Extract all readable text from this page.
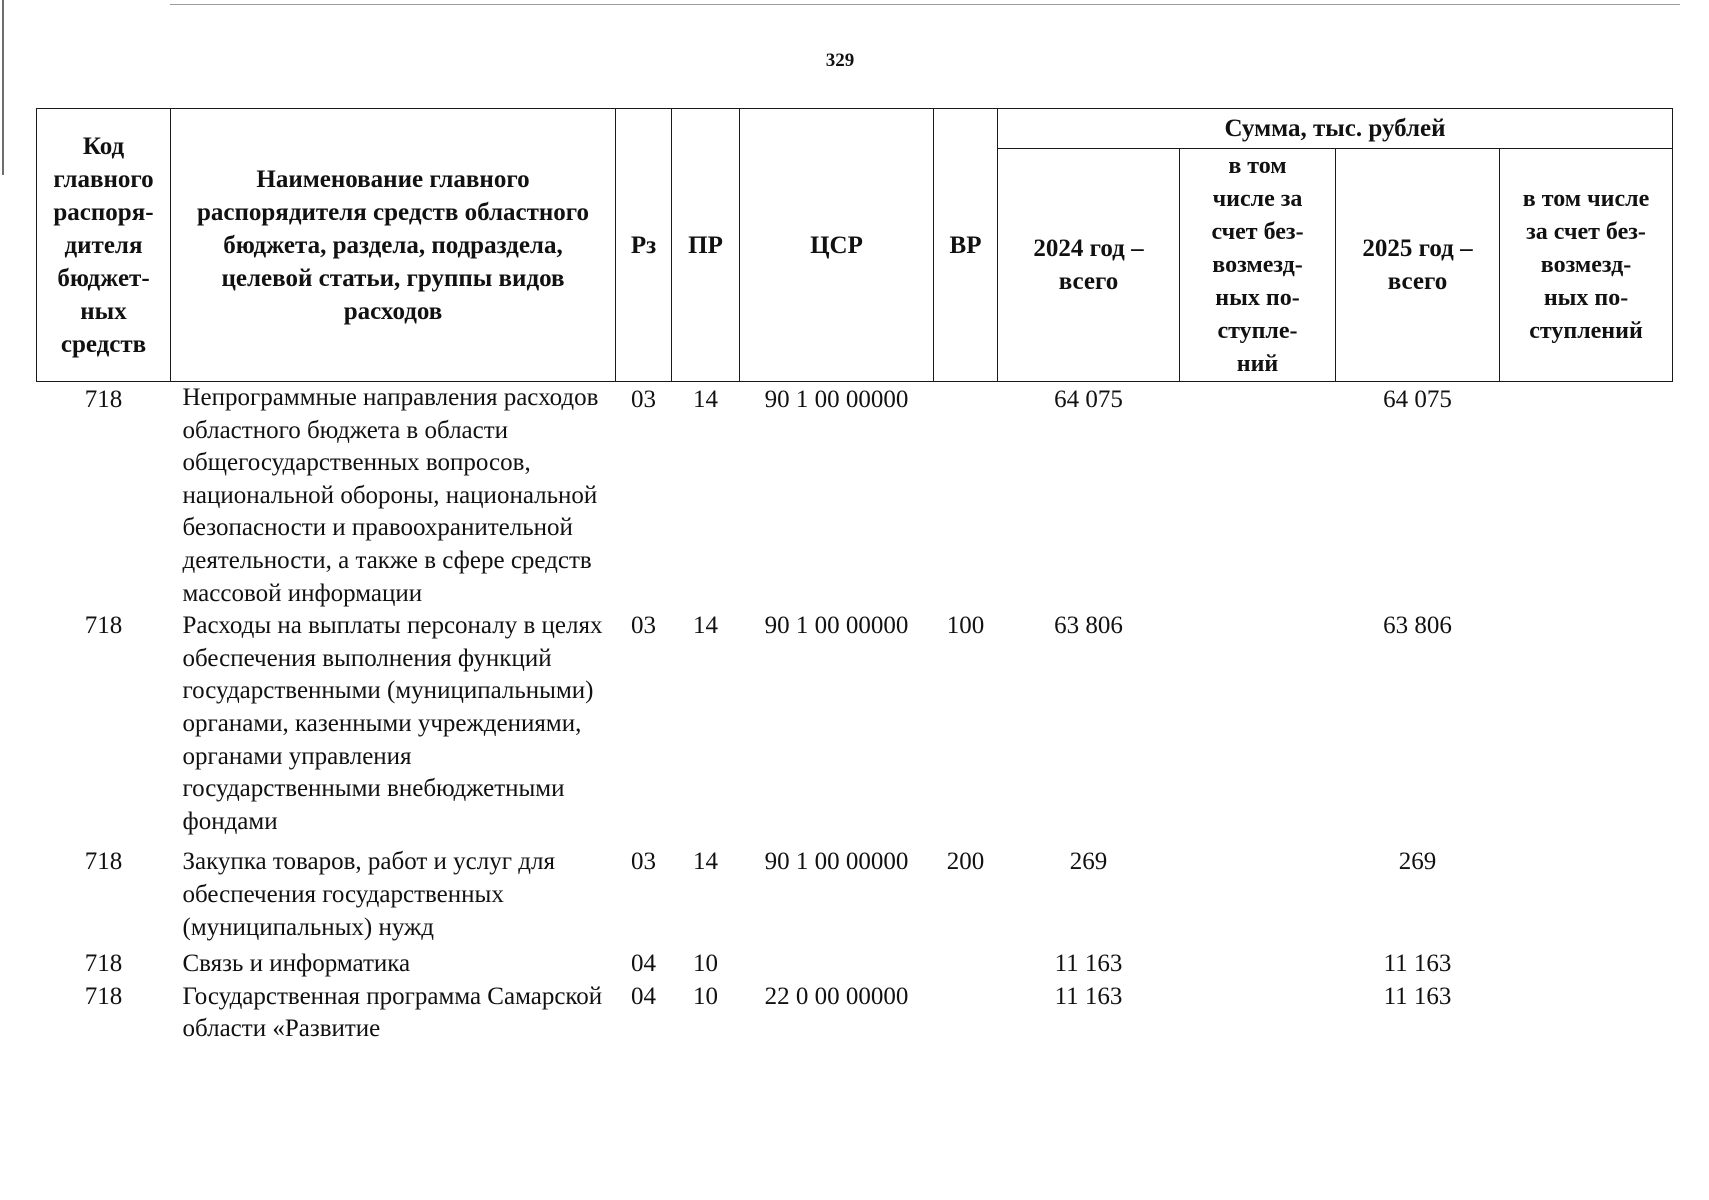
329
Код главного распоря-дителя бюджет-ных средств	Наименование главного распорядителя средств областного бюджета, раздела, подраздела, целевой статьи, группы видов расходов	Рз	ПР	ЦСР	ВР	Сумма, тыс. рублей			
						2024 год – всего	в том числе за счет без-возмезд-ных по-ступле-ний	2025 год – всего	в том числе за счет без-возмезд-ных по-ступлений
718	Непрограммные направления расходов областного бюджета в области общегосударственных вопросов, национальной обороны, национальной безопасности и правоохранительной деятельности, а также в сфере средств массовой информации	03	14	90 1 00 00000		64 075		64 075	
718	Расходы на выплаты персоналу в целях обеспечения выполнения функций государственными (муниципальными) органами, казенными учреждениями, органами управления государственными внебюджетными фондами	03	14	90 1 00 00000	100	63 806		63 806	
718	Закупка товаров, работ и услуг для обеспечения государственных (муниципальных) нужд	03	14	90 1 00 00000	200	269		269	
718	Связь и информатика	04	10			11 163		11 163	
718	Государственная программа Самарской области «Развитие	04	10	22 0 00 00000		11 163		11 163	
